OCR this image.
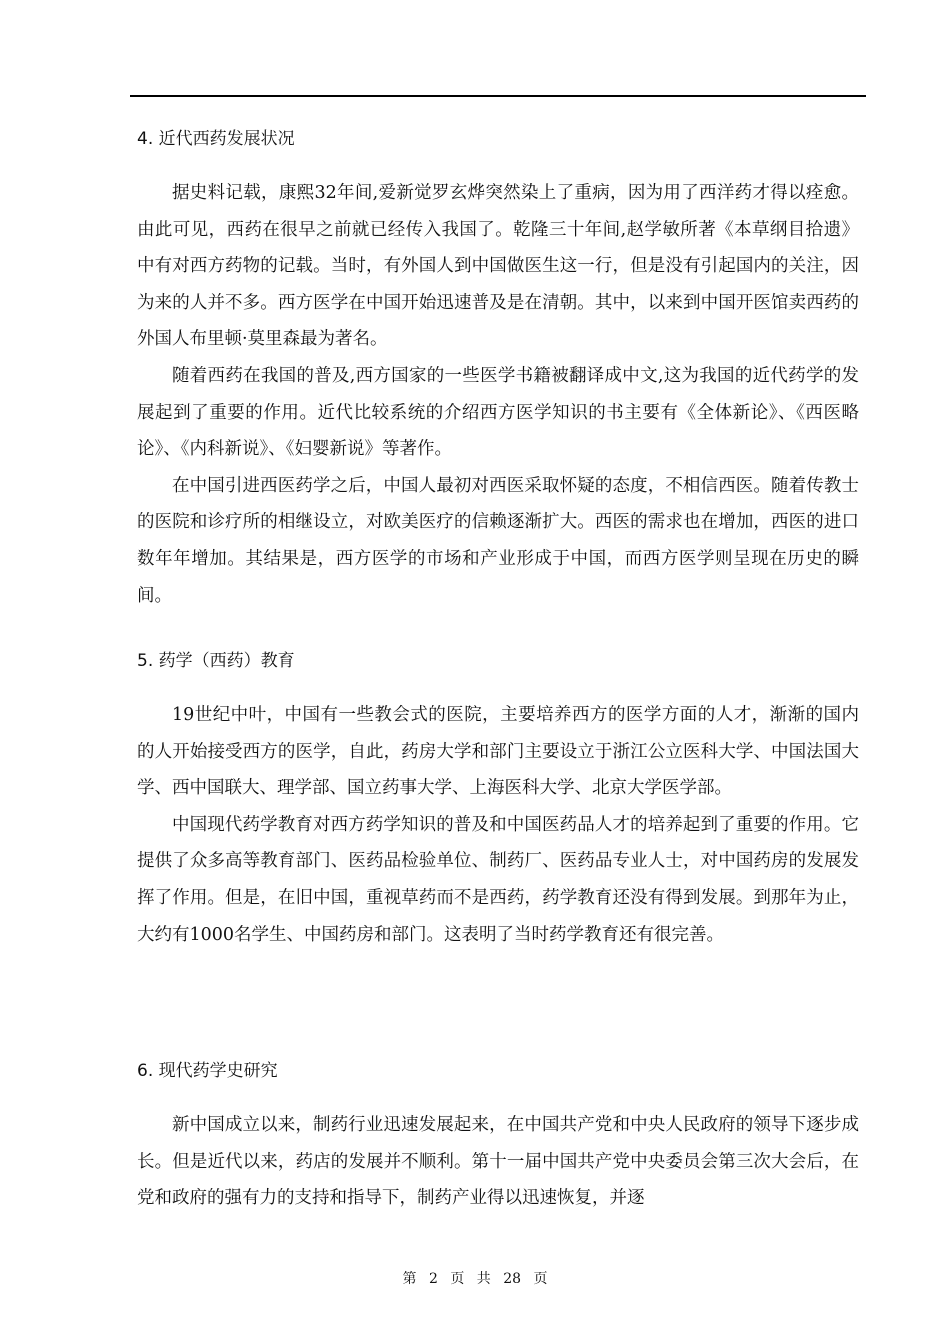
4. 近代西药发展状况

据史料记载，康熙32年间,爱新觉罗玄烨突然染上了重病，因为用了西洋药才得以痊愈。由此可见，西药在很早之前就已经传入我国了。乾隆三十年间,赵学敏所著《本草纲目拾遗》中有对西方药物的记载。当时，有外国人到中国做医生这一行，但是没有引起国内的关注，因为来的人并不多。西方医学在中国开始迅速普及是在清朝。其中，以来到中国开医馆卖西药的外国人布里顿·莫里森最为著名。

随着西药在我国的普及,西方国家的一些医学书籍被翻译成中文,这为我国的近代药学的发展起到了重要的作用。近代比较系统的介绍西方医学知识的书主要有《全体新论》、《西医略论》、《内科新说》、《妇婴新说》等著作。

在中国引进西医药学之后，中国人最初对西医采取怀疑的态度，不相信西医。随着传教士的医院和诊疗所的相继设立，对欧美医疗的信赖逐渐扩大。西医的需求也在增加，西医的进口数年年增加。其结果是，西方医学的市场和产业形成于中国，而西方医学则呈现在历史的瞬间。

5. 药学（西药）教育

19世纪中叶，中国有一些教会式的医院，主要培养西方的医学方面的人才，渐渐的国内的人开始接受西方的医学，自此，药房大学和部门主要设立于浙江公立医科大学、中国法国大学、西中国联大、理学部、国立药事大学、上海医科大学、北京大学医学部。

中国现代药学教育对西方药学知识的普及和中国医药品人才的培养起到了重要的作用。它提供了众多高等教育部门、医药品检验单位、制药厂、医药品专业人士，对中国药房的发展发挥了作用。但是，在旧中国，重视草药而不是西药，药学教育还没有得到发展。到那年为止，大约有1000名学生、中国药房和部门。这表明了当时药学教育还有很完善。

6. 现代药学史研究

新中国成立以来，制药行业迅速发展起来，在中国共产党和中央人民政府的领导下逐步成长。但是近代以来，药店的发展并不顺利。第十一届中国共产党中央委员会第三次大会后，在党和政府的强有力的支持和指导下，制药产业得以迅速恢复，并逐

第 2 页 共 28 页
